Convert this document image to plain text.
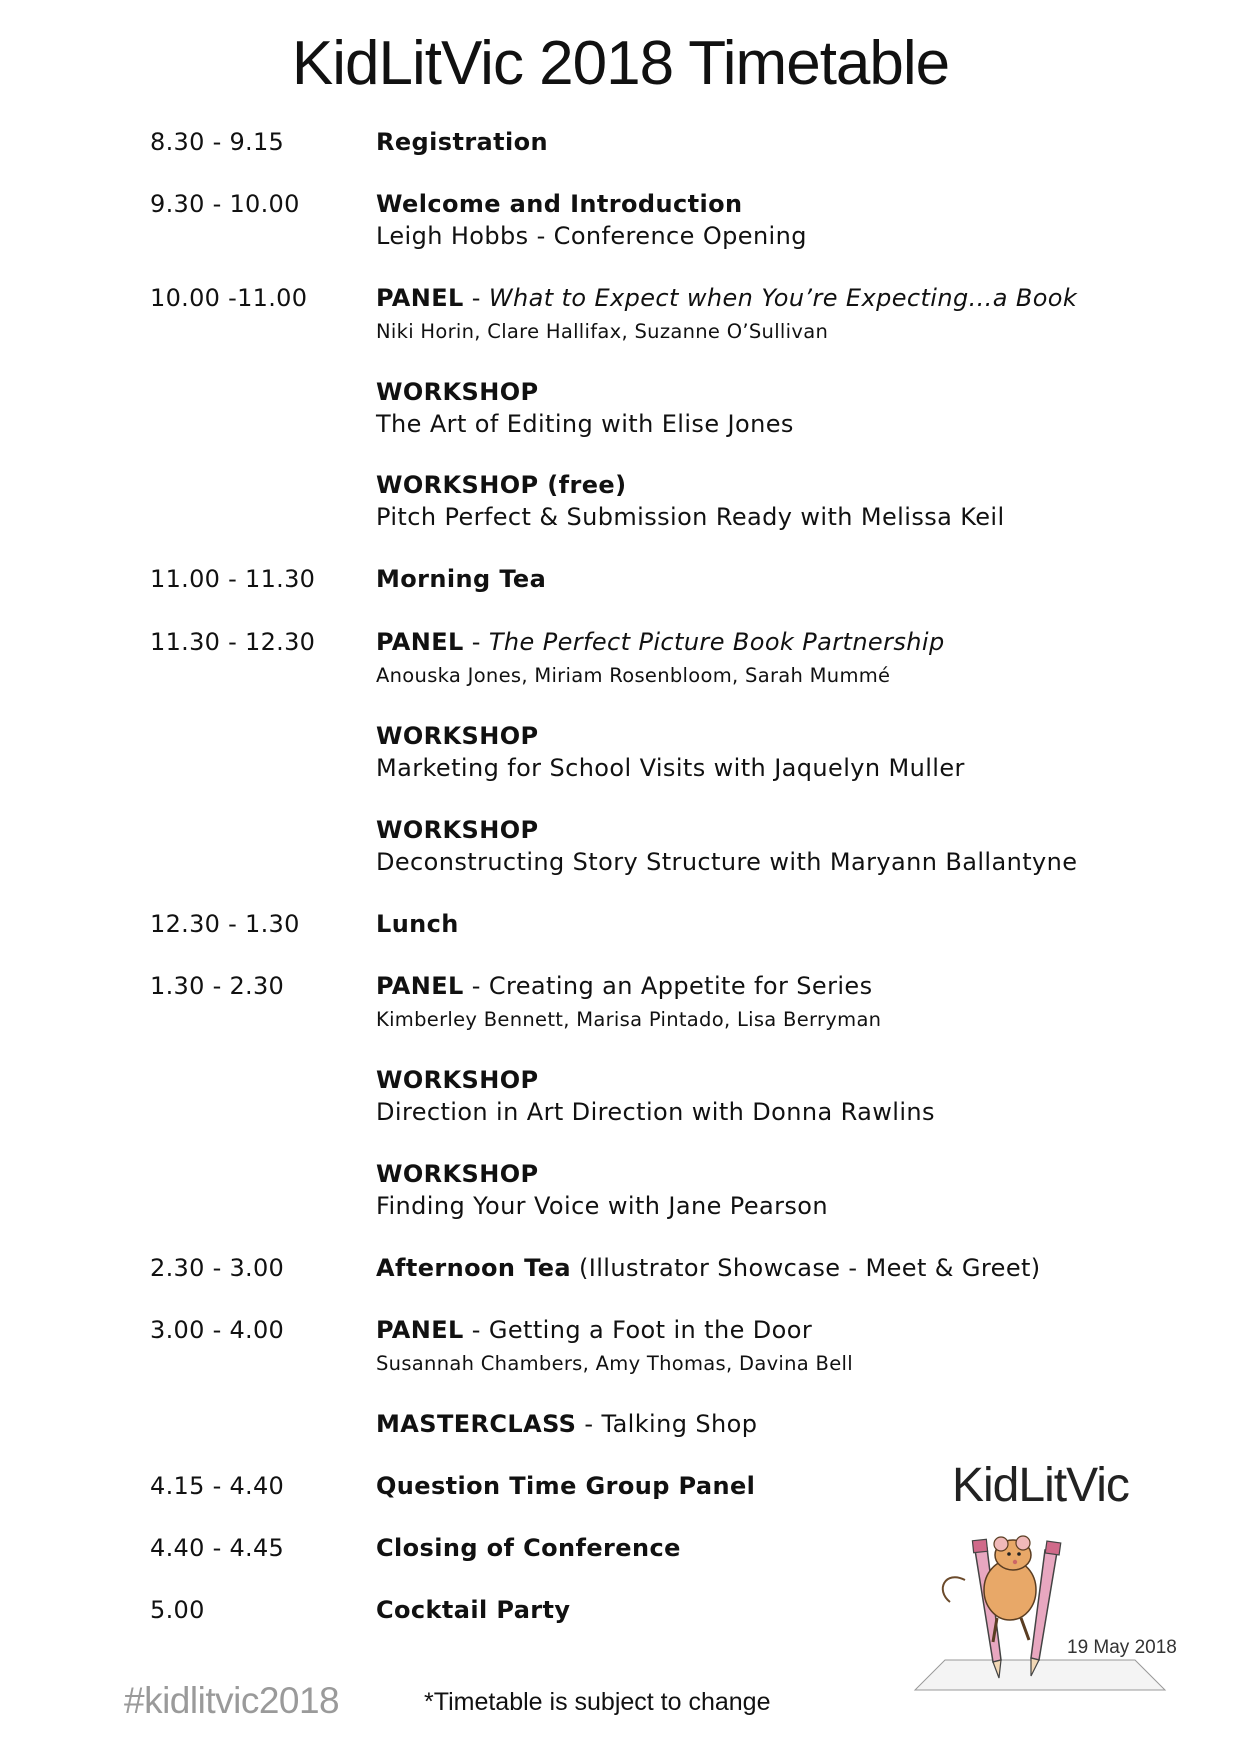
KidLitVic 2018 Timetable
8.30 - 9.15	Registration
9.30 - 10.00	Welcome and Introduction
Leigh Hobbs - Conference Opening
10.00 -11.00	PANEL - What to Expect when You’re Expecting...a Book
Niki Horin, Clare Hallifax, Suzanne O’Sullivan
WORKSHOP
The Art of Editing with Elise Jones
WORKSHOP (free)
Pitch Perfect & Submission Ready with Melissa Keil
11.00 - 11.30	Morning Tea
11.30 - 12.30	PANEL - The Perfect Picture Book Partnership
Anouska Jones, Miriam Rosenbloom, Sarah Mummé
WORKSHOP
Marketing for School Visits with Jaquelyn Muller
WORKSHOP
Deconstructing Story Structure with Maryann Ballantyne
12.30 - 1.30	Lunch
1.30 - 2.30	PANEL - Creating an Appetite for Series
Kimberley Bennett, Marisa Pintado, Lisa Berryman
WORKSHOP
Direction in Art Direction with Donna Rawlins
WORKSHOP
Finding Your Voice with Jane Pearson
2.30 - 3.00	Afternoon Tea (Illustrator Showcase - Meet & Greet)
3.00 - 4.00	PANEL - Getting a Foot in the Door
Susannah Chambers, Amy Thomas, Davina Bell
MASTERCLASS - Talking Shop
4.15 - 4.40	Question Time Group Panel
4.40 - 4.45	Closing of Conference
5.00	Cocktail Party
KidLitVic
19 May 2018
#kidlitvic2018	*Timetable is subject to change
